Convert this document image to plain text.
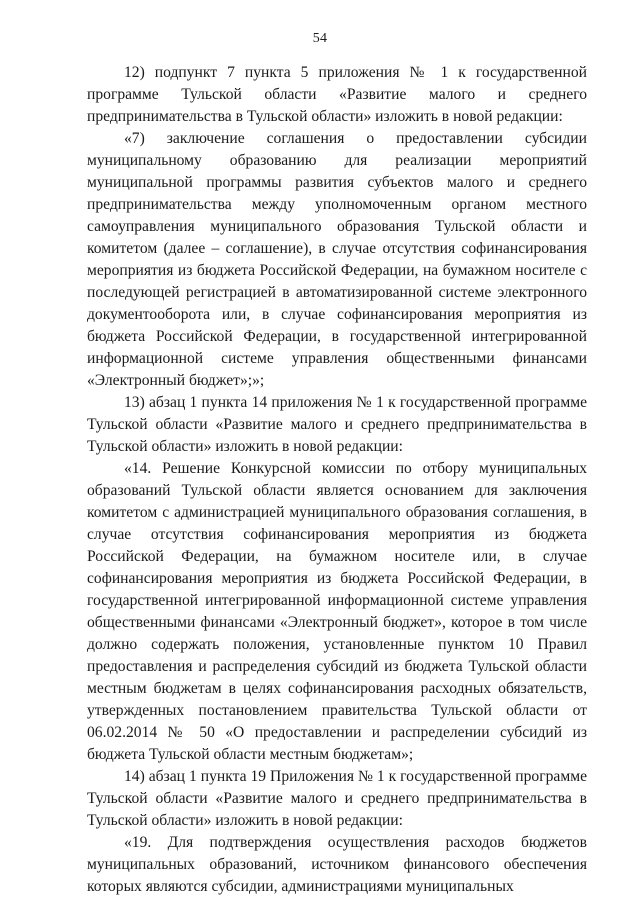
54

12) подпункт 7 пункта 5 приложения № 1 к государственной программе Тульской области «Развитие малого и среднего предпринимательства в Тульской области» изложить в новой редакции:

«7) заключение соглашения о предоставлении субсидии муниципальному образованию для реализации мероприятий муниципальной программы развития субъектов малого и среднего предпринимательства между уполномоченным органом местного самоуправления муниципального образования Тульской области и комитетом (далее – соглашение), в случае отсутствия софинансирования мероприятия из бюджета Российской Федерации, на бумажном носителе с последующей регистрацией в автоматизированной системе электронного документооборота или, в случае софинансирования мероприятия из бюджета Российской Федерации, в государственной интегрированной информационной системе управления общественными финансами «Электронный бюджет»;»;

13) абзац 1 пункта 14 приложения № 1 к государственной программе Тульской области «Развитие малого и среднего предпринимательства в Тульской области» изложить в новой редакции:

«14. Решение Конкурсной комиссии по отбору муниципальных образований Тульской области является основанием для заключения комитетом с администрацией муниципального образования соглашения, в случае отсутствия софинансирования мероприятия из бюджета Российской Федерации, на бумажном носителе или, в случае софинансирования мероприятия из бюджета Российской Федерации, в государственной интегрированной информационной системе управления общественными финансами «Электронный бюджет», которое в том числе должно содержать положения, установленные пунктом 10 Правил предоставления и распределения субсидий из бюджета Тульской области местным бюджетам в целях софинансирования расходных обязательств, утвержденных постановлением правительства Тульской области от 06.02.2014 № 50 «О предоставлении и распределении субсидий из бюджета Тульской области местным бюджетам»;

14) абзац 1 пункта 19 Приложения № 1 к государственной программе Тульской области «Развитие малого и среднего предпринимательства в Тульской области» изложить в новой редакции:

«19. Для подтверждения осуществления расходов бюджетов муниципальных образований, источником финансового обеспечения которых являются субсидии, администрациями муниципальных
